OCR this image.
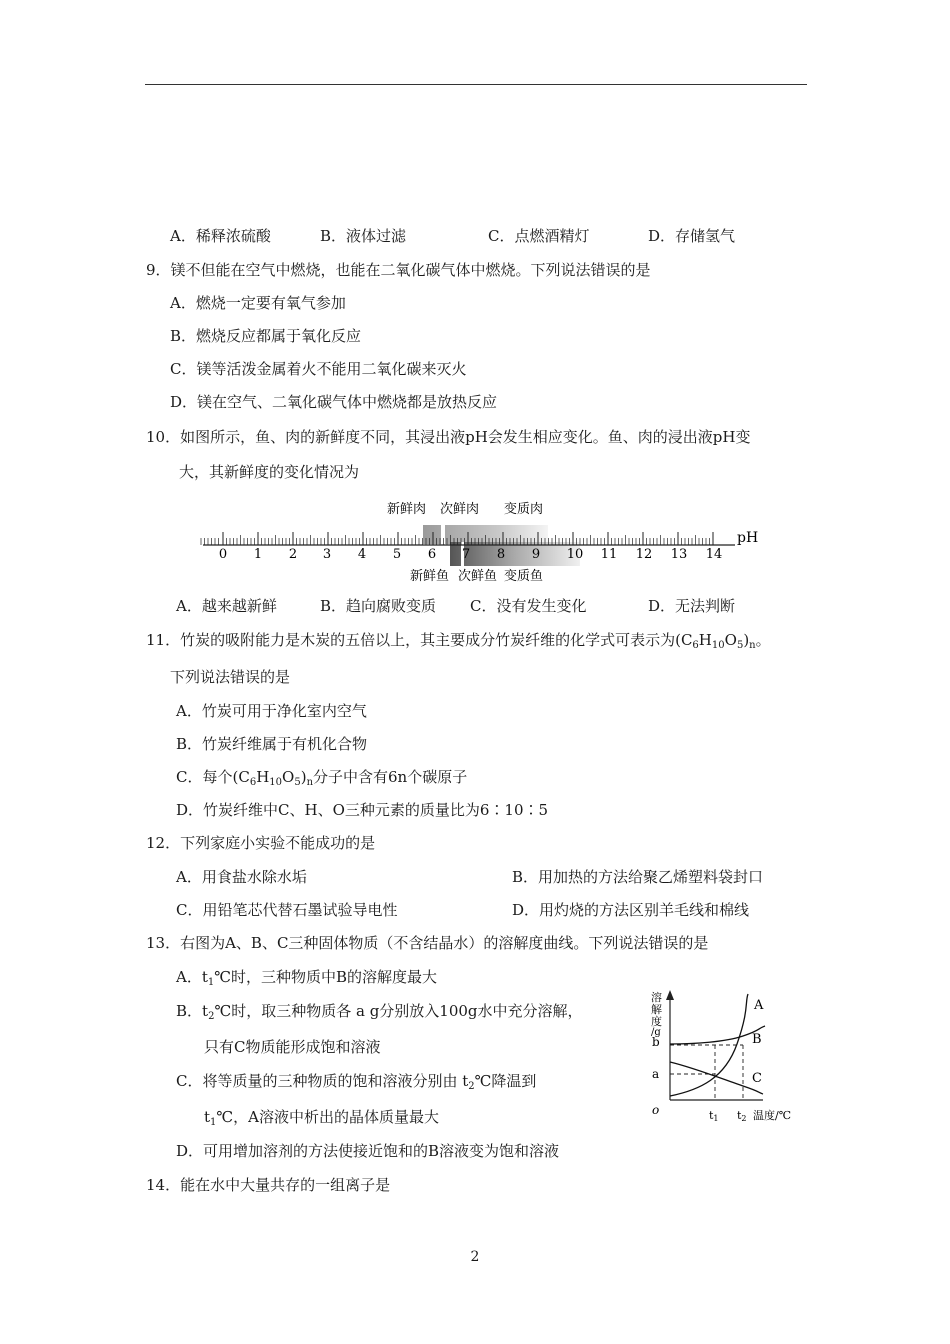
A．稀释浓硫酸	B．液体过滤	C．点燃酒精灯	D．存储氢气
9．镁不但能在空气中燃烧，也能在二氧化碳气体中燃烧。下列说法错误的是
A．燃烧一定要有氧气参加
B．燃烧反应都属于氧化反应
C．镁等活泼金属着火不能用二氧化碳来灭火
D．镁在空气、二氧化碳气体中燃烧都是放热反应
10．如图所示，鱼、肉的新鲜度不同，其浸出液pH会发生相应变化。鱼、肉的浸出液pH变
大，其新鲜度的变化情况为
新鲜肉 次鲜肉 变质肉
0 1 2 3 4 5 6 7 8 9 10 11 12 13 14
pH
新鲜鱼 次鲜鱼 变质鱼
A．越来越新鲜	B．趋向腐败变质 C．没有发生变化	D．无法判断
11．竹炭的吸附能力是木炭的五倍以上，其主要成分竹炭纤维的化学式可表示为$(C_6H_{10}O_5)_n$。
下列说法错误的是
A．竹炭可用于净化室内空气
B．竹炭纤维属于有机化合物
C．每个$(C_6H_{10}O_5)_n$分子中含有6n个碳原子
D．竹炭纤维中C、H、O三种元素的质量比为6∶10∶5
12．下列家庭小实验不能成功的是
A．用食盐水除水垢	B．用加热的方法给聚乙烯塑料袋封口
C．用铅笔芯代替石墨试验导电性	D．用灼烧的方法区别羊毛线和棉线
13．右图为A、B、C三种固体物质（不含结晶水）的溶解度曲线。下列说法错误的是
A．$t_1℃$时，三种物质中B的溶解度最大
B．$t_2℃$时，取三种物质各 a g分别放入100g水中充分溶解，
只有C物质能形成饱和溶液
C．将等质量的三种物质的饱和溶液分别由 $t_2℃$降温到
$t_1℃$，A溶液中析出的晶体质量最大
D．可用增加溶剂的方法使接近饱和的B溶液变为饱和溶液
溶
解
度
/g
b
a
o
A
B
C
t1 t2 温度/℃
14．能在水中大量共存的一组离子是
2
